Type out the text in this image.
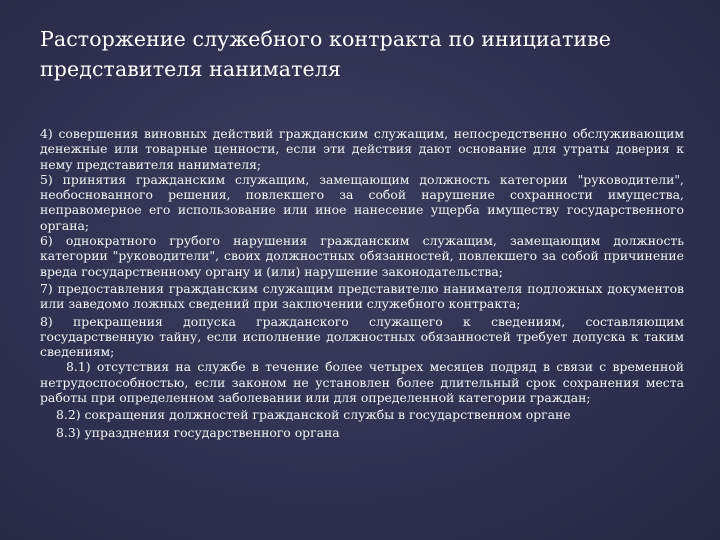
Расторжение служебного контракта по инициативе представителя нанимателя

4) совершения виновных действий гражданским служащим, непосредственно обслуживающим денежные или товарные ценности, если эти действия дают основание для утраты доверия к нему представителя нанимателя;

5) принятия гражданским служащим, замещающим должность категории "руководители", необоснованного решения, повлекшего за собой нарушение сохранности имущества, неправомерное его использование или иное нанесение ущерба имуществу государственного органа;

6) однократного грубого нарушения гражданским служащим, замещающим должность категории "руководители", своих должностных обязанностей, повлекшего за собой причинение вреда государственному органу и (или) нарушение законодательства;

7) предоставления гражданским служащим представителю нанимателя подложных документов или заведомо ложных сведений при заключении служебного контракта;

8) прекращения допуска гражданского служащего к сведениям, составляющим государственную тайну, если исполнение должностных обязанностей требует допуска к таким сведениям;

8.1) отсутствия на службе в течение более четырех месяцев подряд в связи с временной нетрудоспособностью, если законом не установлен более длительный срок сохранения места работы при определенном заболевании или для определенной категории граждан;

8.2) сокращения должностей гражданской службы в государственном органе

8.3) упразднения государственного органа
